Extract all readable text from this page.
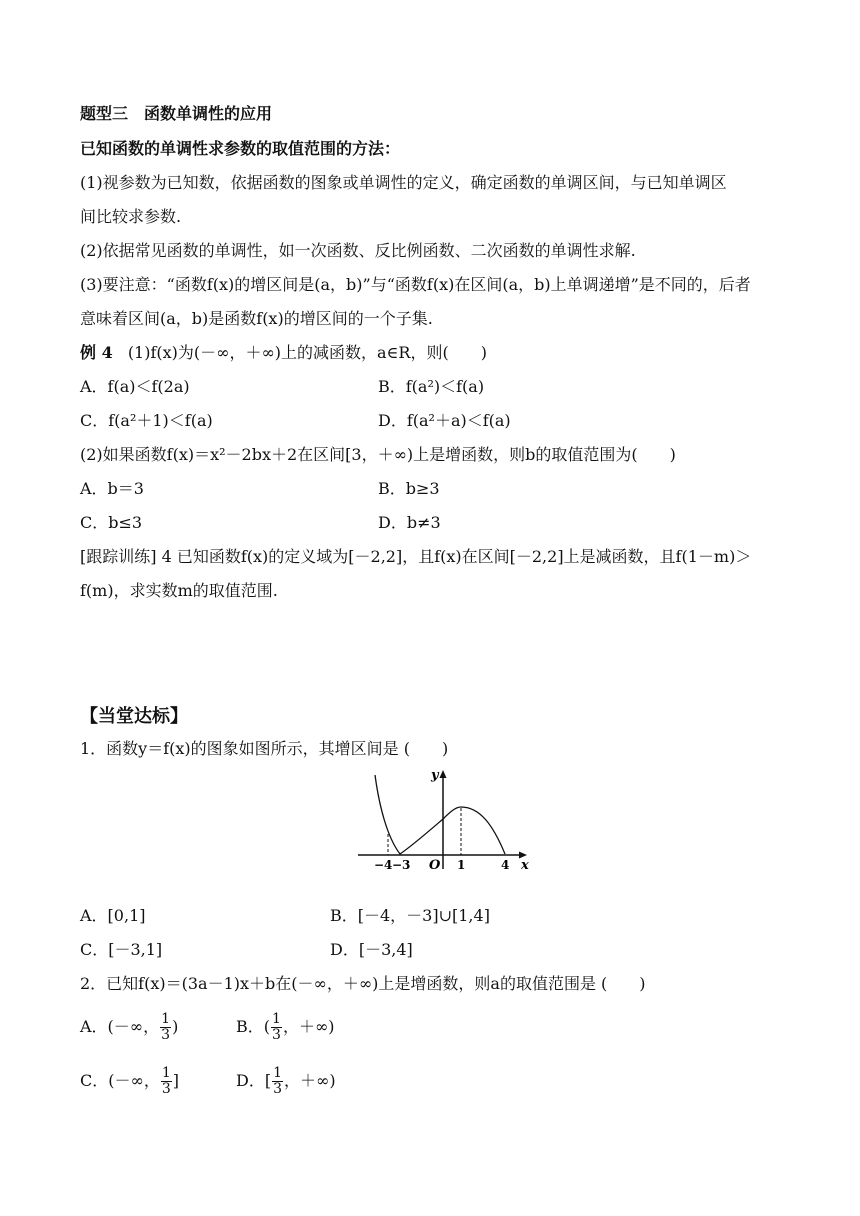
题型三　函数单调性的应用
已知函数的单调性求参数的取值范围的方法：
(1)视参数为已知数，依据函数的图象或单调性的定义，确定函数的单调区间，与已知单调区
间比较求参数.
(2)依据常见函数的单调性，如一次函数、反比例函数、二次函数的单调性求解.
(3)要注意：“函数f(x)的增区间是(a，b)”与“函数f(x)在区间(a，b)上单调递增”是不同的，后者
意味着区间(a，b)是函数f(x)的增区间的一个子集.
例 4 (1)f(x)为(－∞，＋∞)上的减函数，a∈R，则(　　)
A．f(a)＜f(2a)	B．f(a²)＜f(a)
C．f(a²＋1)＜f(a)	D．f(a²＋a)＜f(a)
(2)如果函数f(x)＝x²－2bx＋2在区间[3，＋∞)上是增函数，则b的取值范围为(　　)
A．b＝3	B．b≥3
C．b≤3	D．b≠3
[跟踪训练] 4 已知函数f(x)的定义域为[－2,2]，且f(x)在区间[－2,2]上是减函数，且f(1－m)＞
f(m)，求实数m的取值范围.
【当堂达标】
1．函数y＝f(x)的图象如图所示，其增区间是 (　　)
y
x
O
−4 −3	1	4
A．[0,1]	B．[－4，－3]∪[1,4]
C．[－3,1]	D．[－3,4]
2．已知f(x)＝(3a－1)x＋b在(－∞，＋∞)上是增函数，则a的取值范围是 (　　)
A．(－∞， $\frac{1}{3}$ )	B．( $\frac{1}{3}$ ，＋∞)
C．(－∞， $\frac{1}{3}$ ]	D．[ $\frac{1}{3}$ ，＋∞)
